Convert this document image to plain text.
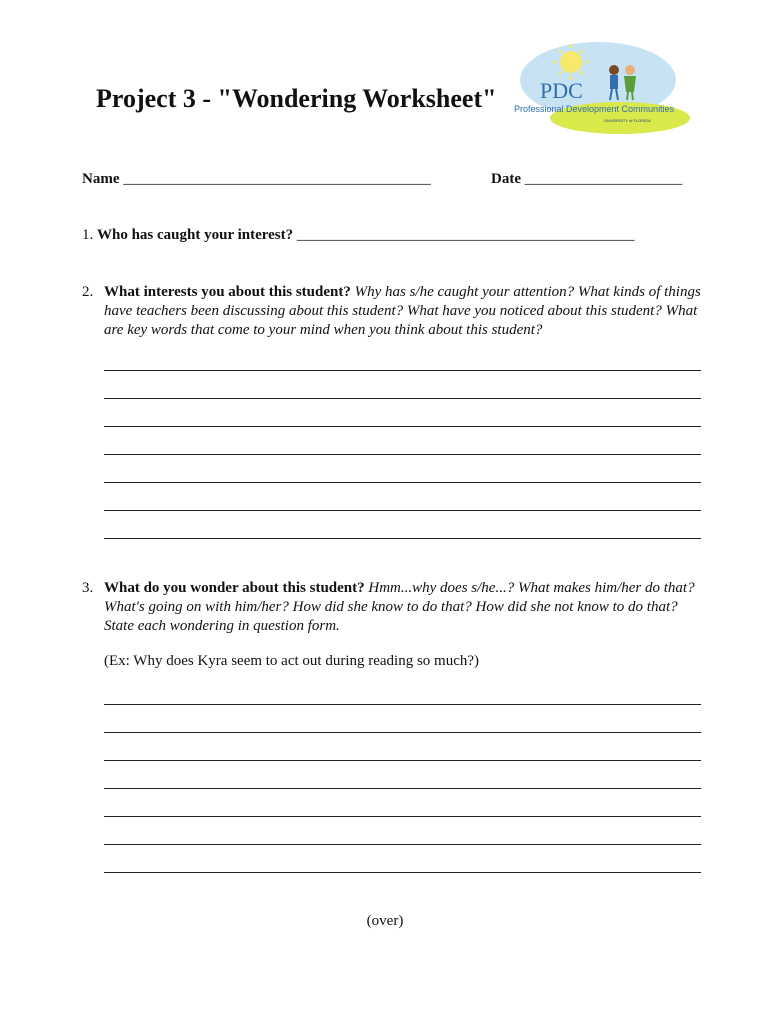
Project 3 - "Wondering Worksheet" PDC
Professional Development Communities
UNIVERSITY of FLORIDA
Name _________________________________________	Date _____________________
1. Who has caught your interest? _____________________________________________
2. What interests you about this student? Why has s/he caught your attention? What kinds of things have teachers been discussing about this student? What have you noticed about this student? What are key words that come to your mind when you think about this student?
3. What do you wonder about this student? Hmm...why does s/he...? What makes him/her do that? What's going on with him/her? How did she know to do that? How did she not know to do that? State each wondering in question form.
(Ex: Why does Kyra seem to act out during reading so much?)
(over)
